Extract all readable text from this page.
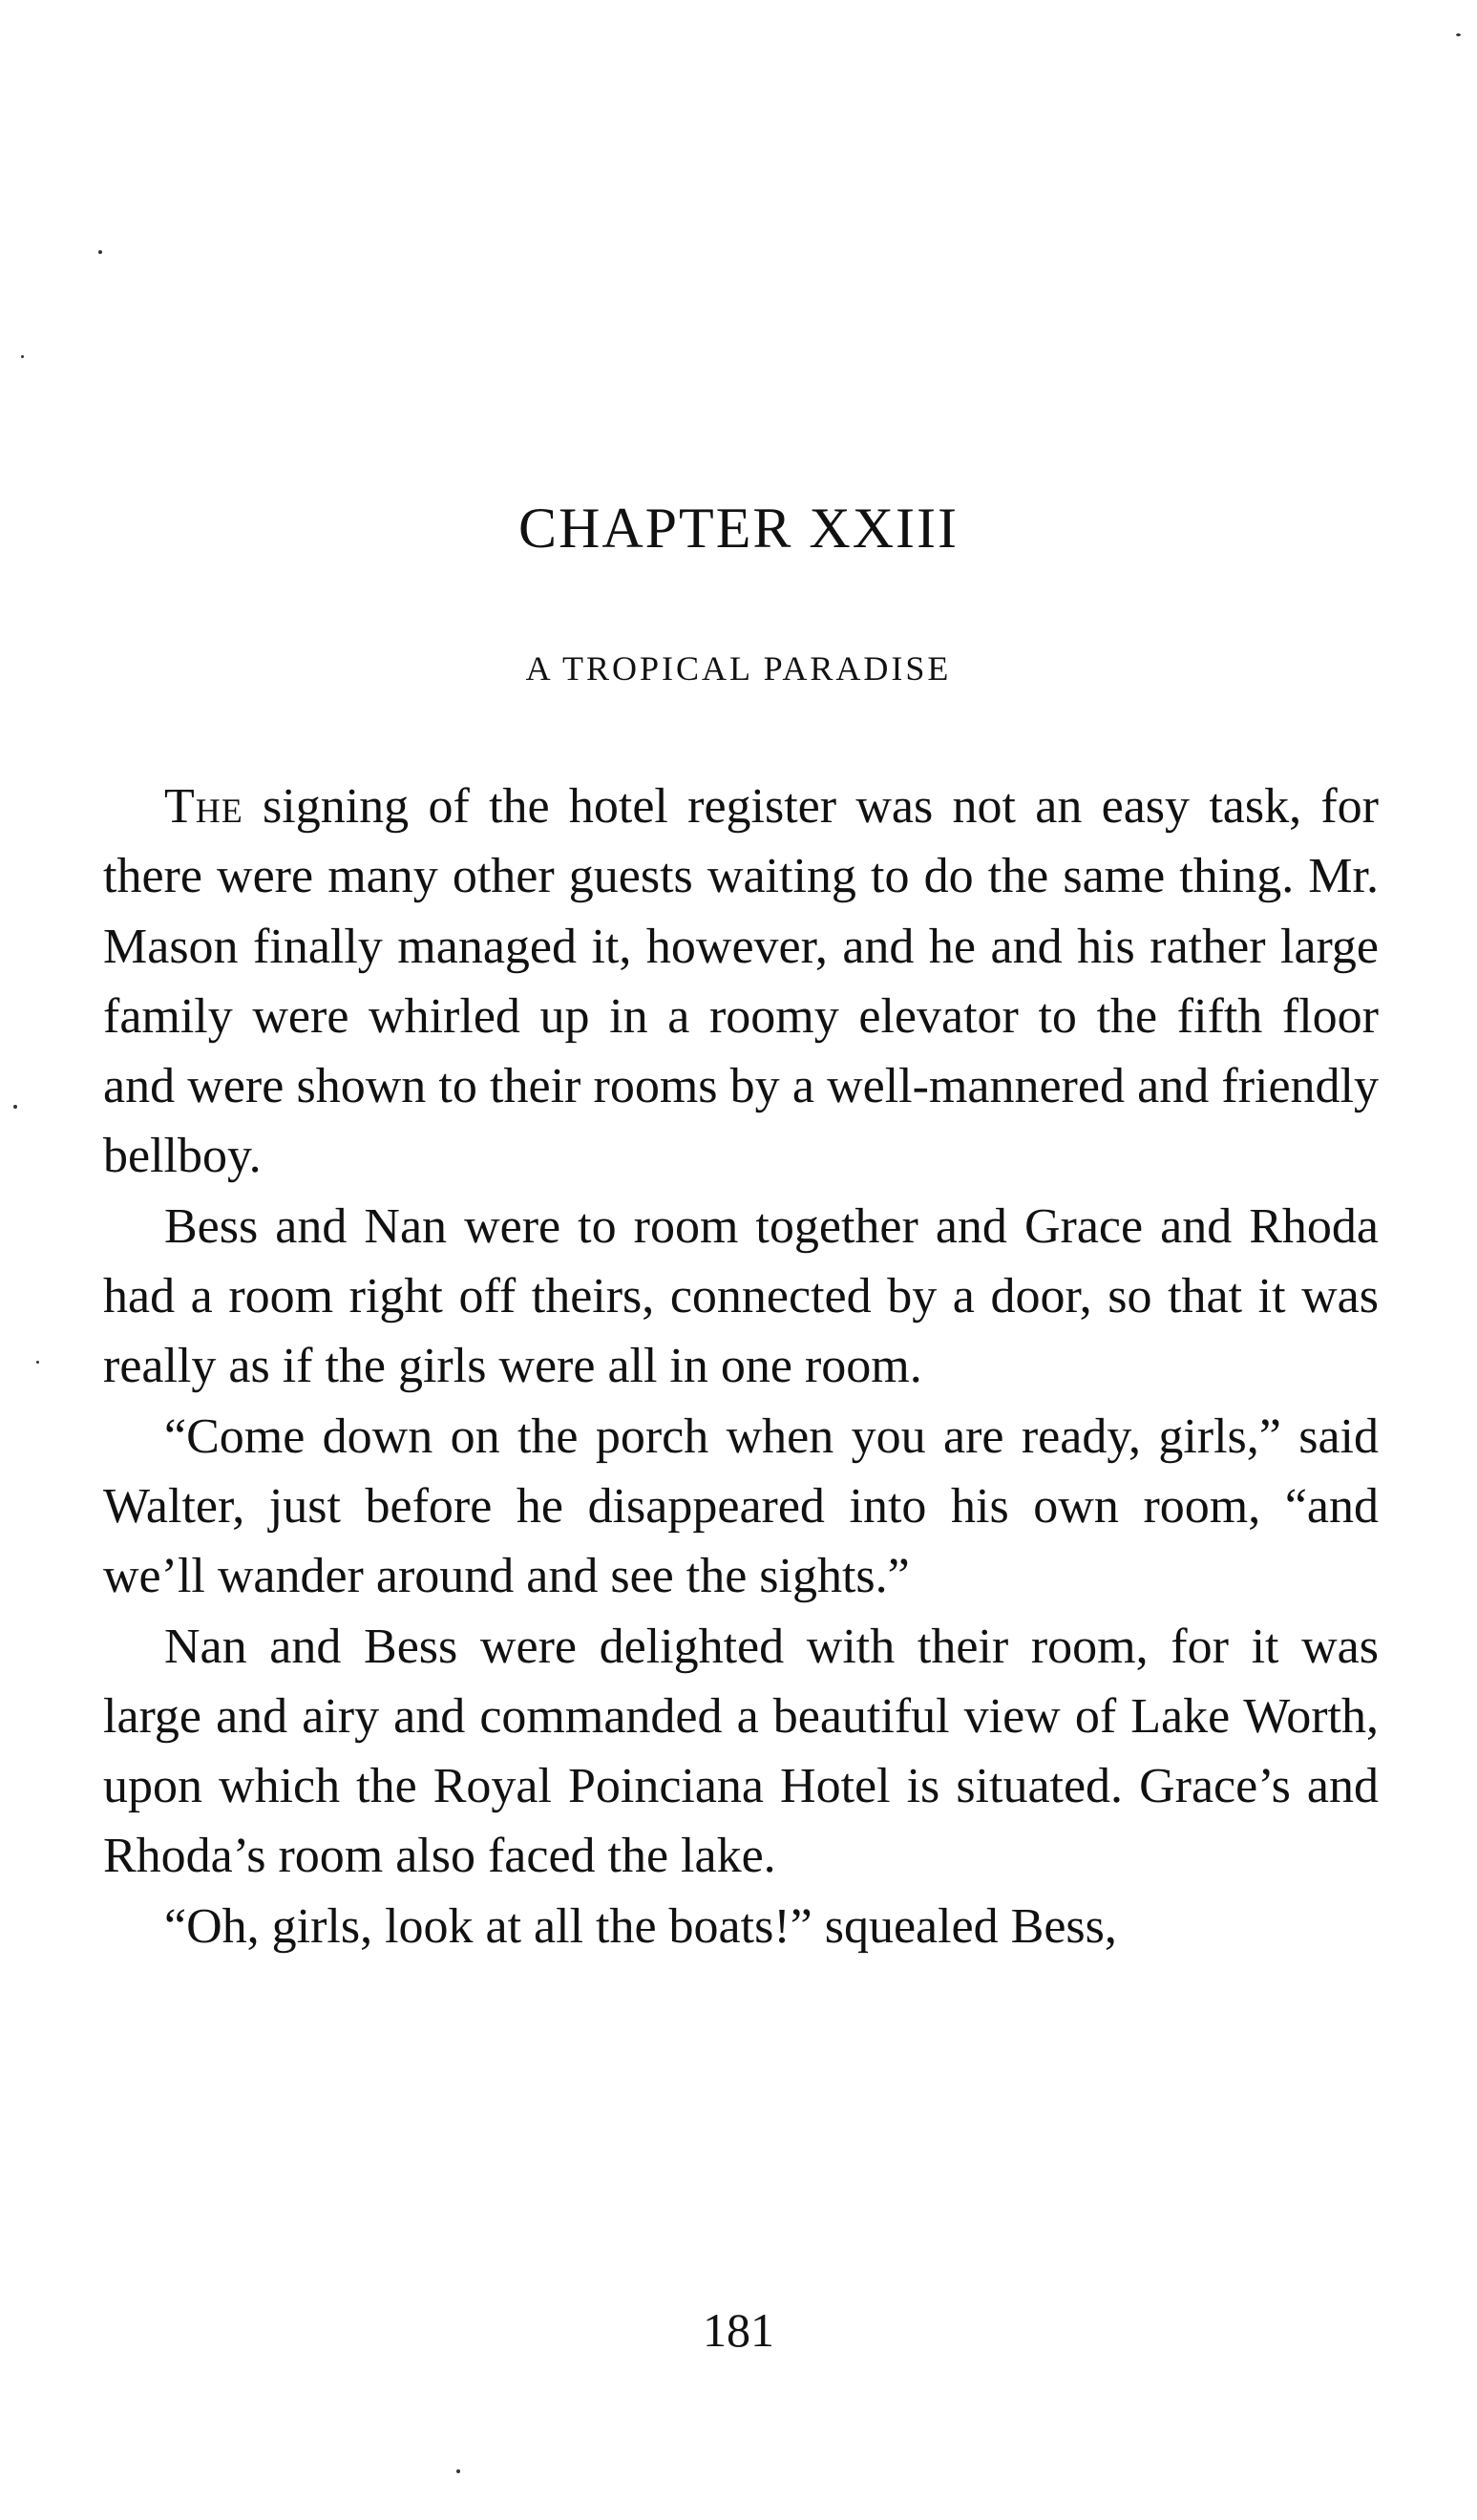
CHAPTER XXIII
A TROPICAL PARADISE

The signing of the hotel register was not an easy task, for there were many other guests waiting to do the same thing. Mr. Mason finally managed it, however, and he and his rather large family were whirled up in a roomy elevator to the fifth floor and were shown to their rooms by a well-mannered and friendly bellboy.

Bess and Nan were to room together and Grace and Rhoda had a room right off theirs, connected by a door, so that it was really as if the girls were all in one room.

“Come down on the porch when you are ready, girls,” said Walter, just before he disappeared into his own room, “and we’ll wander around and see the sights.”

Nan and Bess were delighted with their room, for it was large and airy and commanded a beautiful view of Lake Worth, upon which the Royal Poinciana Hotel is situated. Grace’s and Rhoda’s room also faced the lake.

“Oh, girls, look at all the boats!” squealed Bess,

181
